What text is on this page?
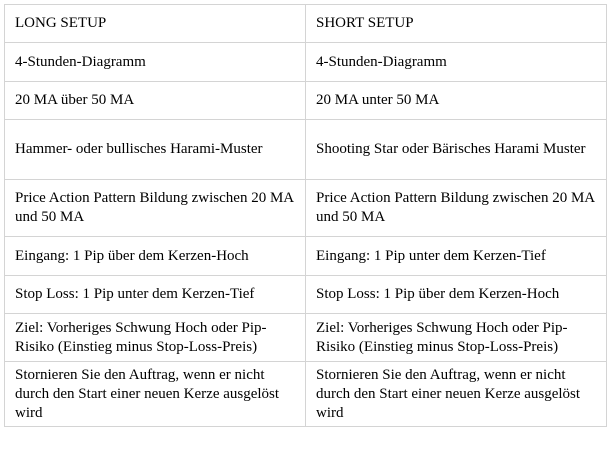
LONG SETUP	SHORT SETUP
4-Stunden-Diagramm	4-Stunden-Diagramm
20 MA über 50 MA	20 MA unter 50 MA
Hammer- oder bullisches Harami-Muster	Shooting Star oder Bärisches Harami Muster
Price Action Pattern Bildung zwischen 20 MA und 50 MA	Price Action Pattern Bildung zwischen 20 MA und 50 MA
Eingang: 1 Pip über dem Kerzen-Hoch	Eingang: 1 Pip unter dem Kerzen-Tief
Stop Loss: 1 Pip unter dem Kerzen-Tief	Stop Loss: 1 Pip über dem Kerzen-Hoch
Ziel: Vorheriges Schwung Hoch oder Pip-Risiko (Einstieg minus Stop-Loss-Preis)	Ziel: Vorheriges Schwung Hoch oder Pip-Risiko (Einstieg minus Stop-Loss-Preis)
Stornieren Sie den Auftrag, wenn er nicht durch den Start einer neuen Kerze ausgelöst wird	Stornieren Sie den Auftrag, wenn er nicht durch den Start einer neuen Kerze ausgelöst wird
